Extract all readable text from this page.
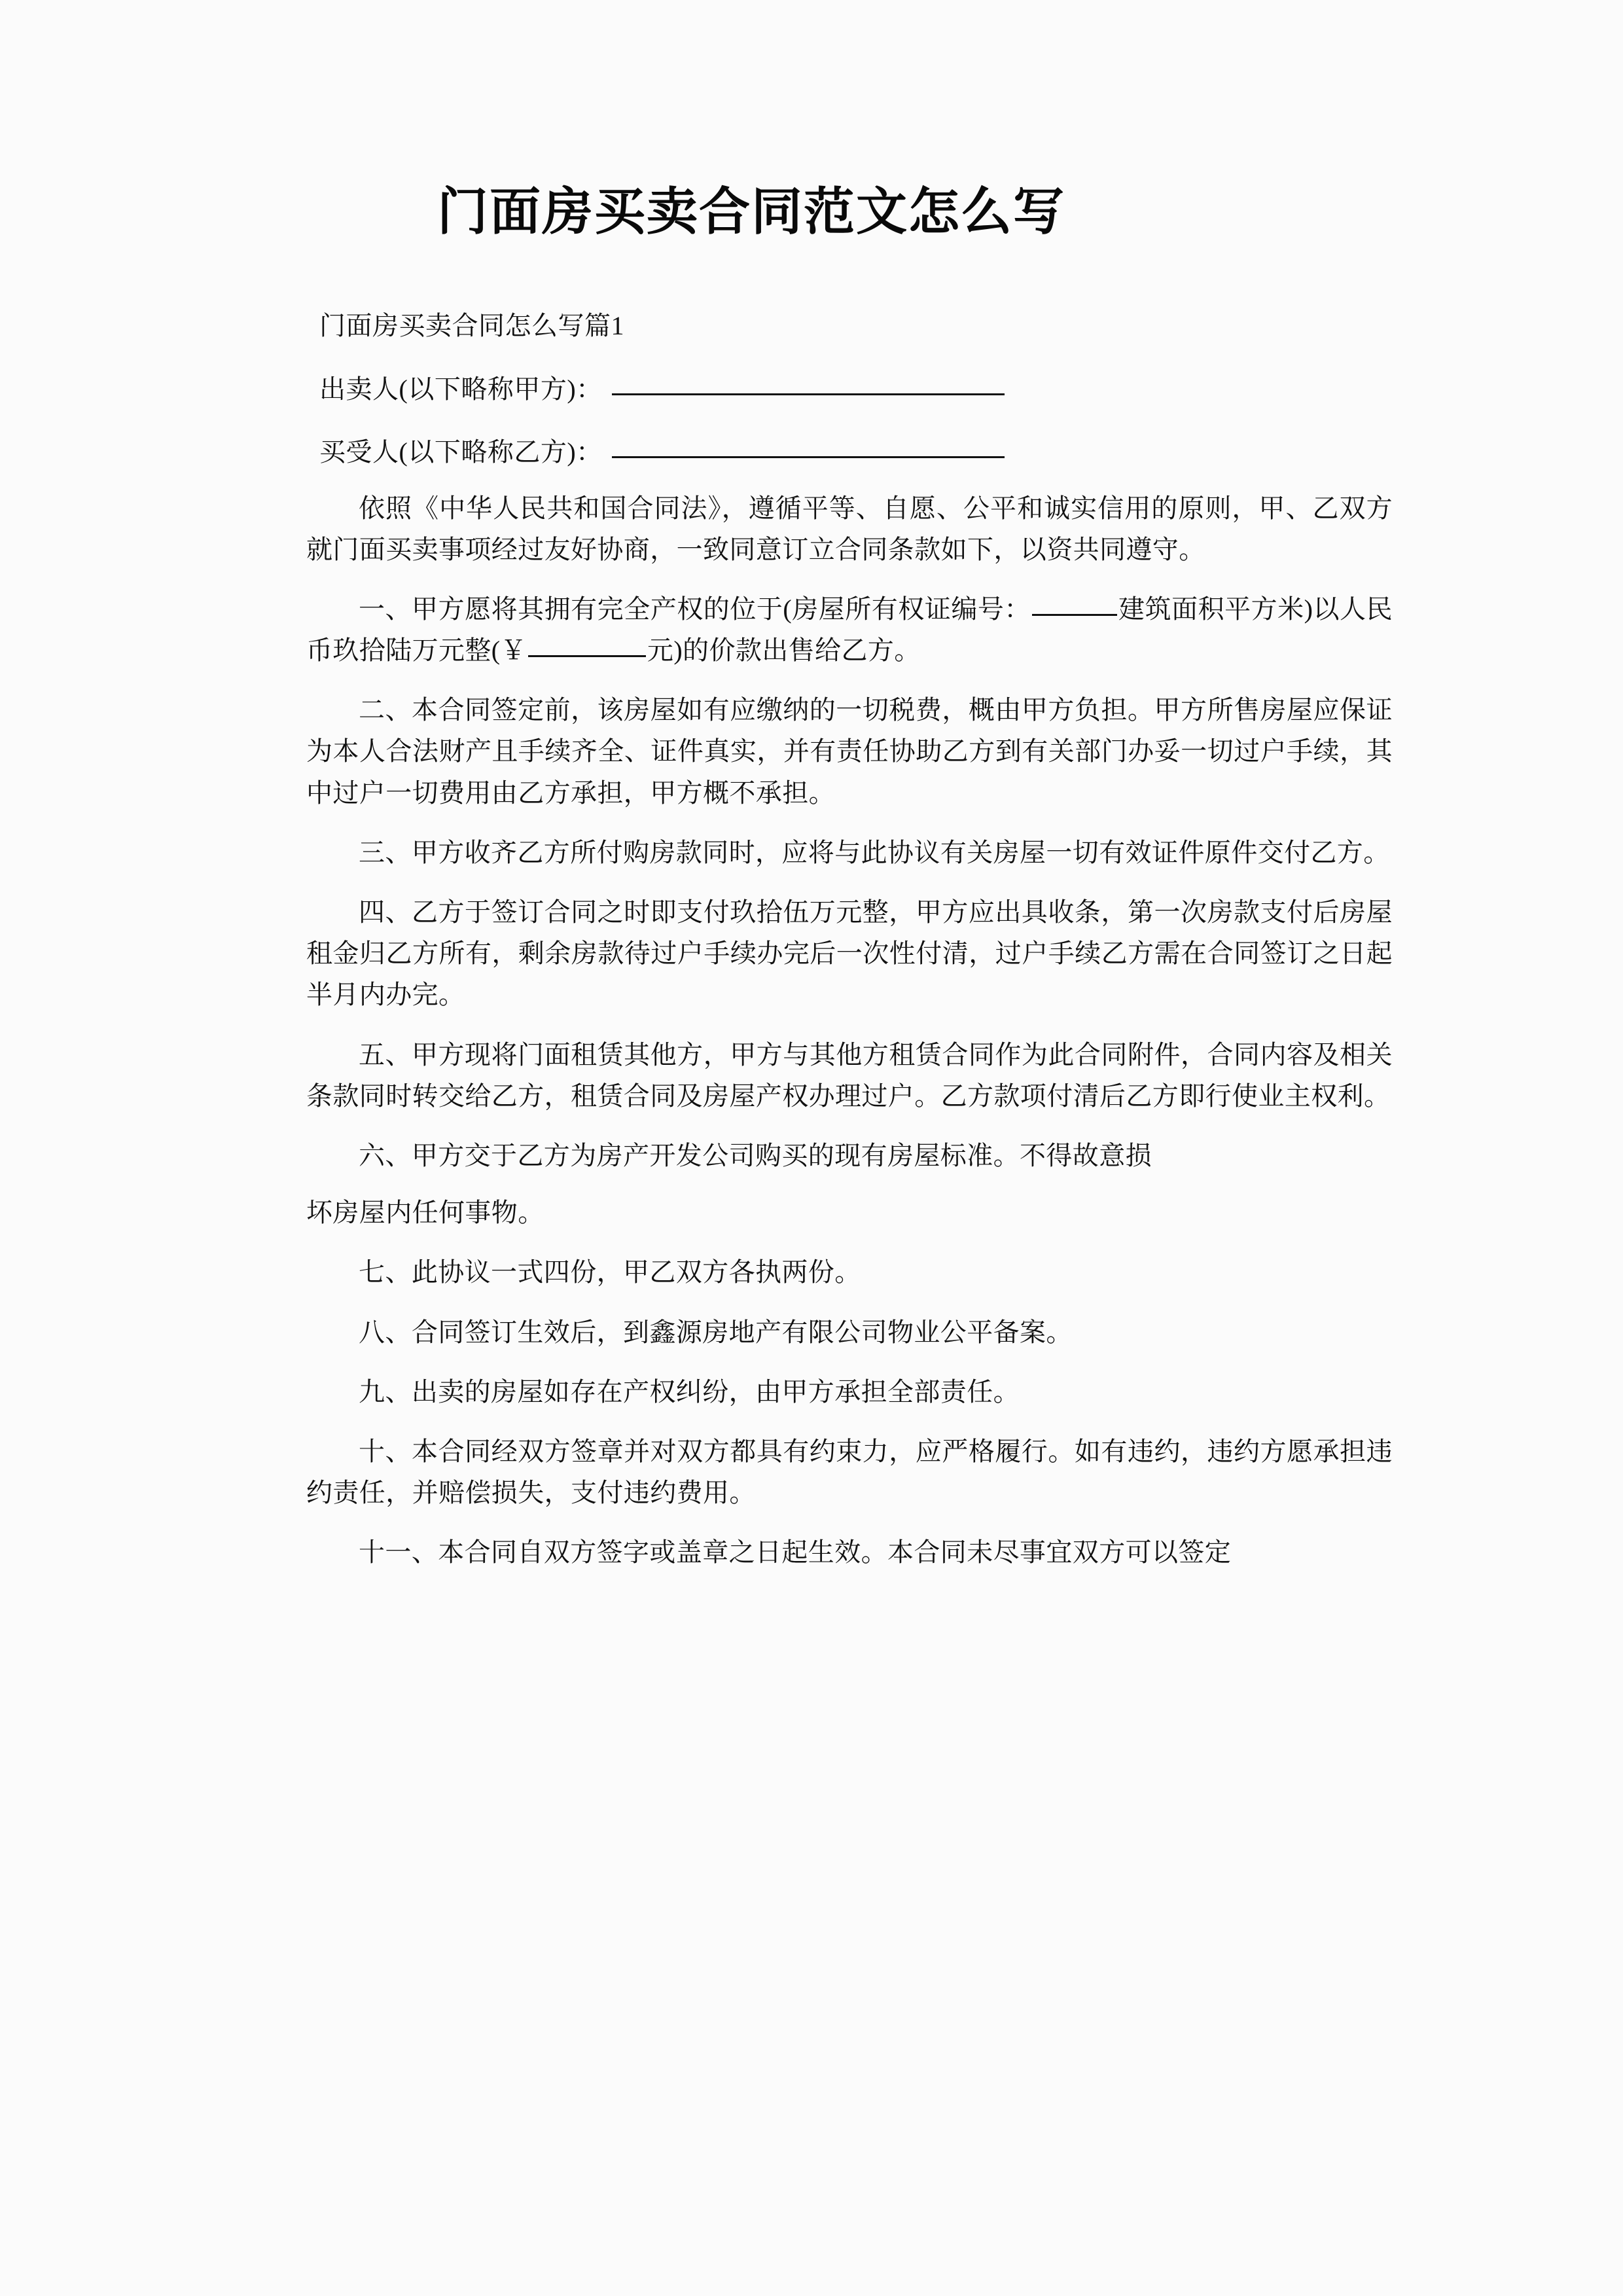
门面房买卖合同范文怎么写

门面房买卖合同怎么写篇1

出卖人(以下略称甲方)：

买受人(以下略称乙方)：

依照《中华人民共和国合同法》，遵循平等、自愿、公平和诚实信用的原则，甲、乙双方就门面买卖事项经过友好协商，一致同意订立合同条款如下，以资共同遵守。

一、甲方愿将其拥有完全产权的位于(房屋所有权证编号：	建筑面积平方米)以人民币玖拾陆万元整(￥	元)的价款出售给乙方。

二、本合同签定前，该房屋如有应缴纳的一切税费，概由甲方负担。甲方所售房屋应保证为本人合法财产且手续齐全、证件真实，并有责任协助乙方到有关部门办妥一切过户手续，其中过户一切费用由乙方承担，甲方概不承担。

三、甲方收齐乙方所付购房款同时，应将与此协议有关房屋一切有效证件原件交付乙方。

四、乙方于签订合同之时即支付玖拾伍万元整，甲方应出具收条，第一次房款支付后房屋租金归乙方所有，剩余房款待过户手续办完后一次性付清，过户手续乙方需在合同签订之日起半月内办完。

五、甲方现将门面租赁其他方，甲方与其他方租赁合同作为此合同附件，合同内容及相关条款同时转交给乙方，租赁合同及房屋产权办理过户。乙方款项付清后乙方即行使业主权利。

六、甲方交于乙方为房产开发公司购买的现有房屋标准。不得故意损

坏房屋内任何事物。

七、此协议一式四份，甲乙双方各执两份。

八、合同签订生效后，到鑫源房地产有限公司物业公平备案。

九、出卖的房屋如存在产权纠纷，由甲方承担全部责任。

十、本合同经双方签章并对双方都具有约束力，应严格履行。如有违约，违约方愿承担违约责任，并赔偿损失，支付违约费用。

十一、本合同自双方签字或盖章之日起生效。本合同未尽事宜双方可以签定
